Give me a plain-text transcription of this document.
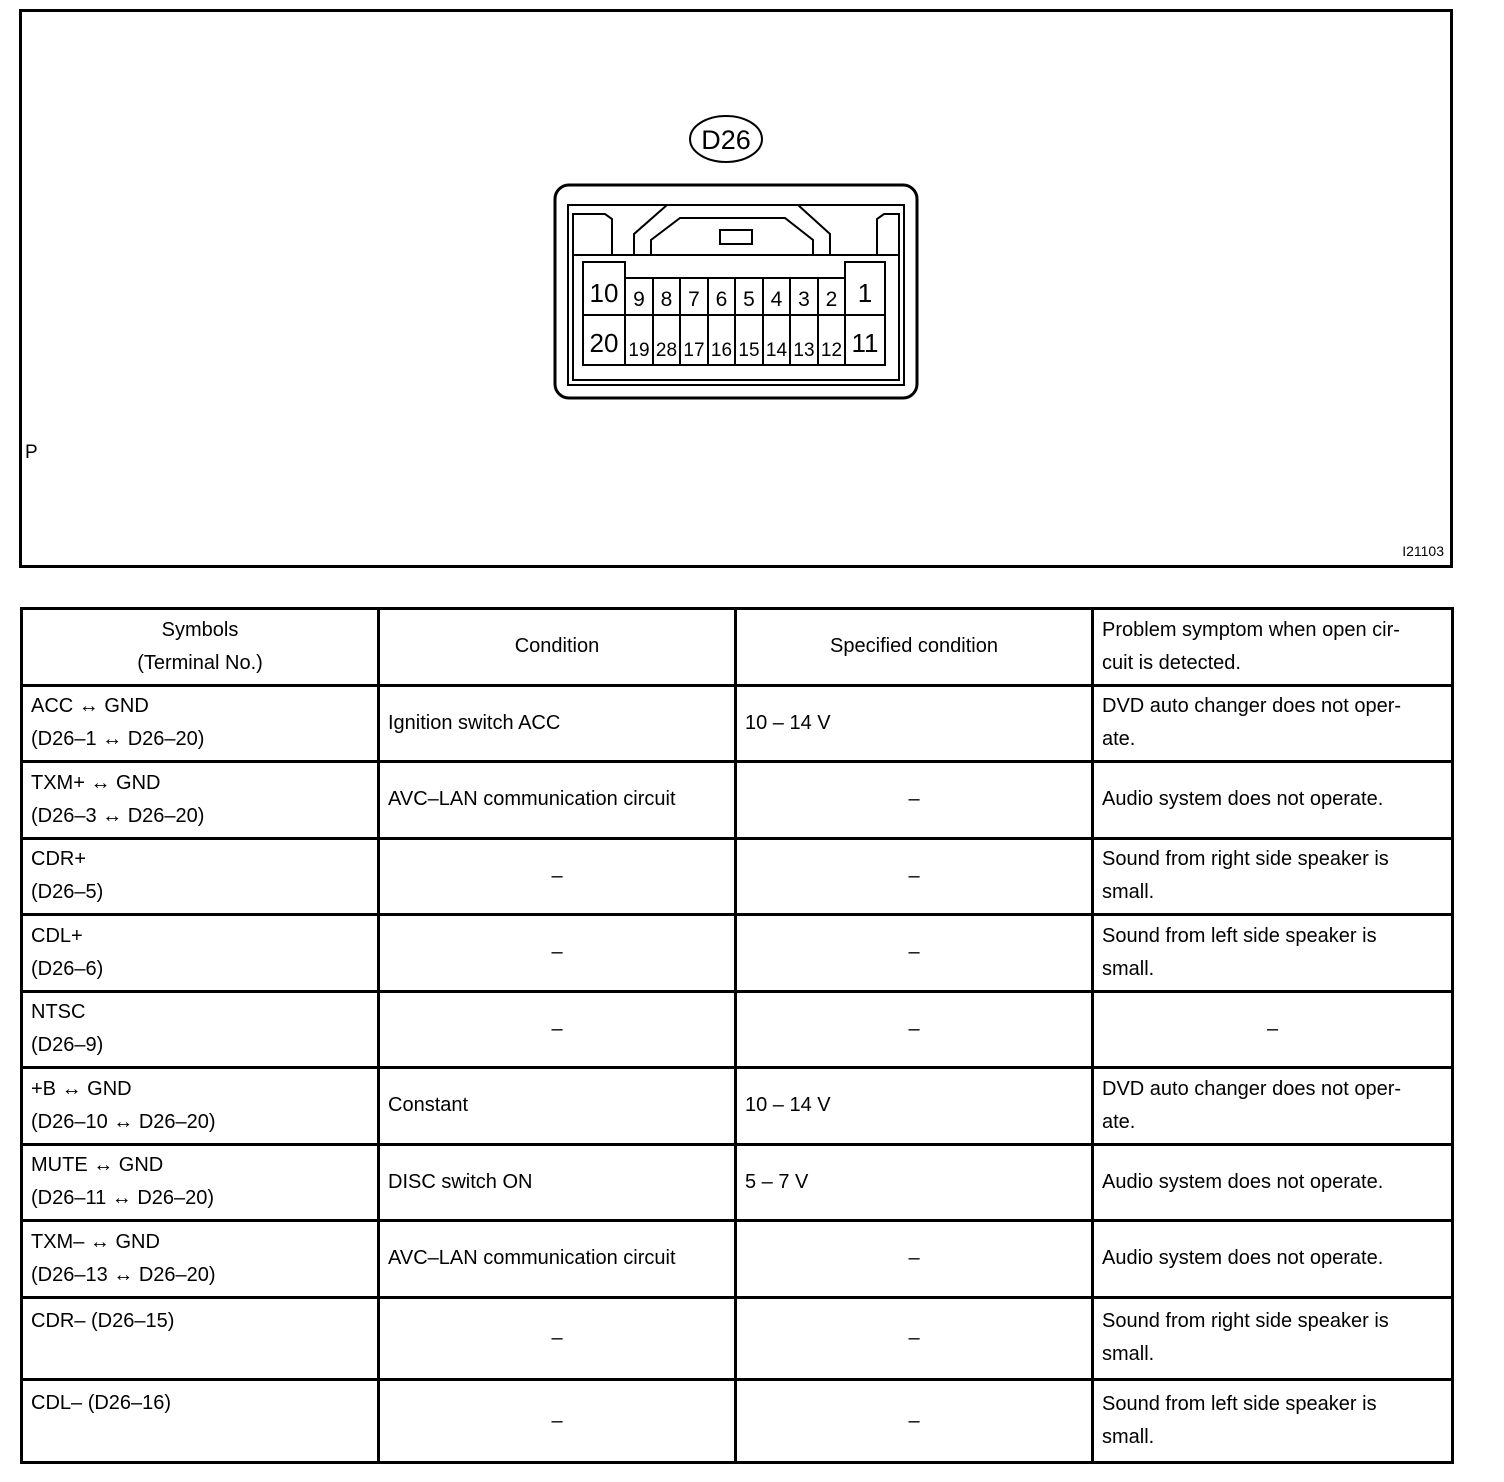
D26
10 9 8 7 6 5 4 3 2 1
20 19 28 17 16 15 14 13 12 11
P
I21103
Symbols
(Terminal No.)	Condition	Specified condition	Problem symptom when open cir-
cuit is detected.

ACC ↔ GND
(D26–1 ↔ D26–20)	Ignition switch ACC	10 – 14 V	DVD auto changer does not oper-
ate.

TXM+ ↔ GND
(D26–3 ↔ D26–20)	AVC–LAN communication circuit	–	Audio system does not operate.

CDR+
(D26–5)	–	–	Sound from right side speaker is
small.

CDL+
(D26–6)	–	–	Sound from left side speaker is
small.

NTSC
(D26–9)	–	–	–

+B ↔ GND
(D26–10 ↔ D26–20)	Constant	10 – 14 V	DVD auto changer does not oper-
ate.

MUTE ↔ GND
(D26–11 ↔ D26–20)	DISC switch ON	5 – 7 V	Audio system does not operate.

TXM– ↔ GND
(D26–13 ↔ D26–20)	AVC–LAN communication circuit	–	Audio system does not operate.

CDR– (D26–15)	–	–	Sound from right side speaker is
small.

CDL– (D26–16)	–	–	Sound from left side speaker is
small.
